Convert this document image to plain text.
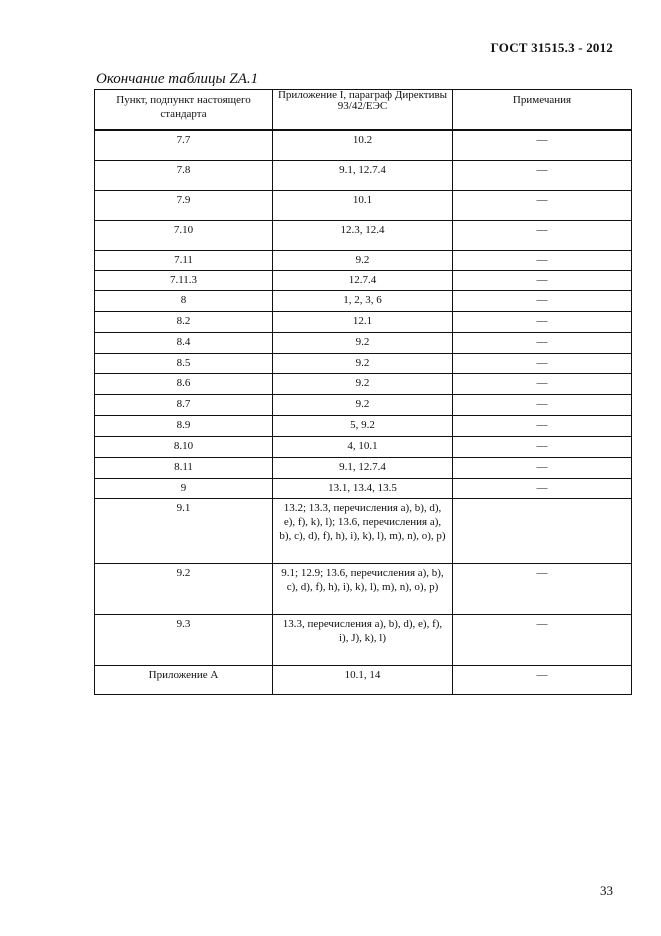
ГОСТ 31515.3 - 2012
Окончание таблицы ZA.1
Пункт, подпункт настоящего стандарта	Приложение I, параграф Директивы 93/42/ЕЭС	Примечания
7.7	10.2	—
7.8	9.1, 12.7.4	—
7.9	10.1	—
7.10	12.3, 12.4	—
7.11	9.2	—
7.11.3	12.7.4	—
8	1, 2, 3, 6	—
8.2	12.1	—
8.4	9.2	—
8.5	9.2	—
8.6	9.2	—
8.7	9.2	—
8.9	5, 9.2	—
8.10	4, 10.1	—
8.11	9.1, 12.7.4	—
9	13.1, 13.4, 13.5	—
9.1	13.2; 13.3, перечисления a), b), d), e), f), k), l); 13.6, перечисления a), b), c), d), f), h), i), k), l), m), n), o), p)	
9.2	9.1; 12.9; 13.6, перечисления a), b), c), d), f), h), i), k), l), m), n), o), p)	—
9.3	13.3, перечисления a), b), d), e), f), i), J), k), l)	—
Приложение А	10.1, 14	—
33
